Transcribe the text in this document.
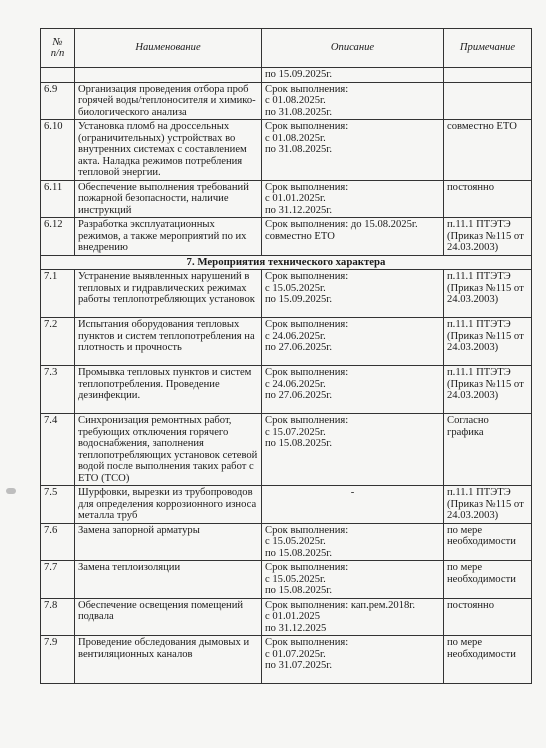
№
п/п	Наименование	Описание	Примечание
		по 15.09.2025г.	
6.9	Организация проведения отбора проб горячей воды/теплоносителя и химико-биологического анализа	Срок выполнения:
с 01.08.2025г.
по 31.08.2025г.	
6.10	Установка пломб на дроссельных (ограничительных) устройствах во внутренних системах с составлением акта. Наладка режимов потребления тепловой энергии.	Срок выполнения:
с 01.08.2025г.
по 31.08.2025г.	совместно ЕТО
6.11	Обеспечение выполнения требований пожарной безопасности, наличие инструкций	Срок выполнения:
с 01.01.2025г.
по 31.12.2025г.	постоянно
6.12	Разработка эксплуатационных режимов, а также мероприятий по их внедрению	Срок выполнения: до 15.08.2025г.
совместно ЕТО	п.11.1 ПТЭТЭ (Приказ №115 от 24.03.2003)
7. Мероприятия технического характера			
7.1	Устранение выявленных нарушений в тепловых и гидравлических режимах работы теплопотребляющих установок	Срок выполнения:
с 15.05.2025г.
по 15.09.2025г.	п.11.1 ПТЭТЭ (Приказ №115 от 24.03.2003)
7.2	Испытания оборудования тепловых пунктов и систем теплопотребления на плотность и прочность	Срок выполнения:
с 24.06.2025г.
по 27.06.2025г.	п.11.1 ПТЭТЭ (Приказ №115 от 24.03.2003)
7.3	Промывка тепловых пунктов и систем теплопотребления. Проведение дезинфекции.	Срок выполнения:
с 24.06.2025г.
по 27.06.2025г.	п.11.1 ПТЭТЭ (Приказ №115 от 24.03.2003)
7.4	Синхронизация ремонтных работ, требующих отключения горячего водоснабжения, заполнения теплопотребляющих установок сетевой водой после выполнения таких работ с ЕТО (ТСО)	Срок выполнения:
с 15.07.2025г.
по 15.08.2025г.	Согласно графика
7.5	Шурфовки, вырезки из трубопроводов для определения коррозионного износа металла труб	-	п.11.1 ПТЭТЭ (Приказ №115 от 24.03.2003)
7.6	Замена запорной арматуры	Срок выполнения:
с 15.05.2025г.
по 15.08.2025г.	по мере необходимости
7.7	Замена теплоизоляции	Срок выполнения:
с 15.05.2025г.
по 15.08.2025г.	по мере необходимости
7.8	Обеспечение освещения помещений подвала	Срок выполнения: кап.рем.2018г.
с 01.01.2025
по 31.12.2025	постоянно
7.9	Проведение обследования дымовых и вентиляционных каналов	Срок выполнения:
с 01.07.2025г.
по 31.07.2025г.	по мере необходимости
